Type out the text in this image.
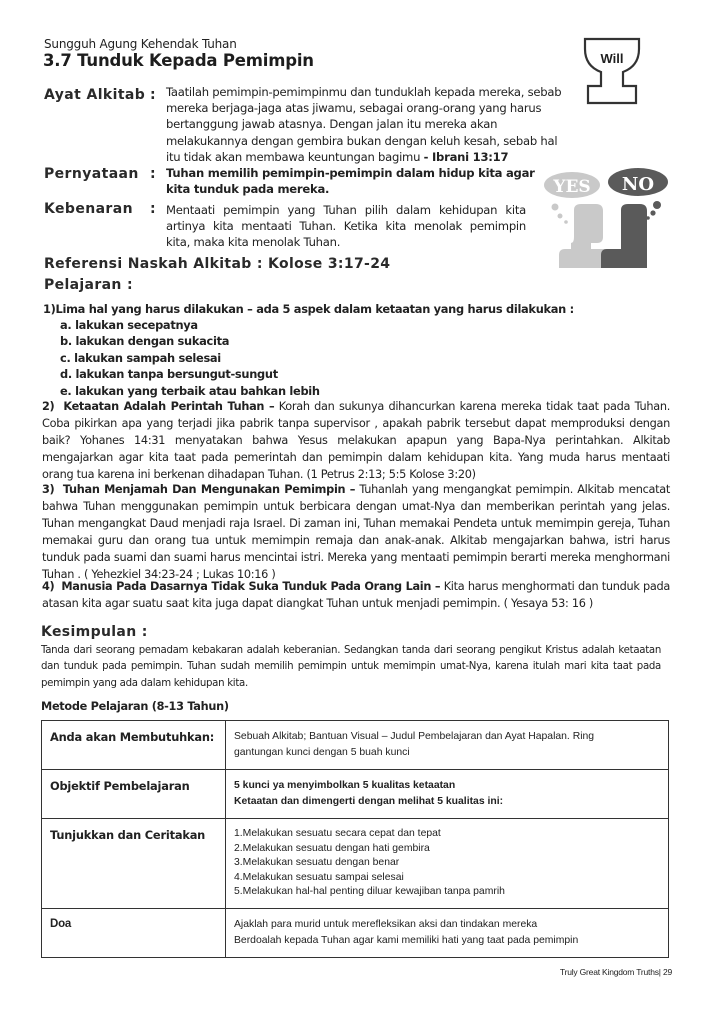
Sungguh Agung Kehendak Tuhan
3.7 Tunduk Kepada Pemimpin	Will
Ayat Alkitab : Taatilah pemimpin-pemimpinmu dan tunduklah kepada mereka, sebab
mereka berjaga-jaga atas jiwamu, sebagai orang-orang yang harus
bertanggung jawab atasnya. Dengan jalan itu mereka akan
melakukannya dengan gembira bukan dengan keluh kesah, sebab hal
itu tidak akan membawa keuntungan bagimu - Ibrani 13:17
Pernyataan : Tuhan memilih pemimpin-pemimpin dalam hidup kita agar
kita tunduk pada mereka.
Kebenaran : Mentaati pemimpin yang Tuhan pilih dalam kehidupan kita
artinya kita mentaati Tuhan. Ketika kita menolak pemimpin
kita, maka kita menolak Tuhan.
YES NO
Referensi Naskah Alkitab : Kolose 3:17-24
Pelajaran :
1)Lima hal yang harus dilakukan – ada 5 aspek dalam ketaatan yang harus dilakukan :
a. lakukan secepatnya
b. lakukan dengan sukacita
c. lakukan sampah selesai
d. lakukan tanpa bersungut-sungut
e. lakukan yang terbaik atau bahkan lebih
2) Ketaatan Adalah Perintah Tuhan – Korah dan sukunya dihancurkan karena mereka tidak taat pada Tuhan. Coba pikirkan apa yang terjadi jika pabrik tanpa supervisor , apakah pabrik tersebut dapat memproduksi dengan baik? Yohanes 14:31 menyatakan bahwa Yesus melakukan apapun yang Bapa-Nya perintahkan. Alkitab mengajarkan agar kita taat pada pemerintah dan pemimpin dalam kehidupan kita. Yang muda harus mentaati orang tua karena ini berkenan dihadapan Tuhan. (1 Petrus 2:13; 5:5 Kolose 3:20)
3) Tuhan Menjamah Dan Mengunakan Pemimpin – Tuhanlah yang mengangkat pemimpin. Alkitab mencatat bahwa Tuhan menggunakan pemimpin untuk berbicara dengan umat-Nya dan memberikan perintah yang jelas. Tuhan mengangkat Daud menjadi raja Israel. Di zaman ini, Tuhan memakai Pendeta untuk memimpin gereja, Tuhan memakai guru dan orang tua untuk memimpin remaja dan anak-anak. Alkitab mengajarkan bahwa, istri harus tunduk pada suami dan suami harus mencintai istri. Mereka yang mentaati pemimpin berarti mereka menghormani Tuhan . ( Yehezkiel 34:23-24 ; Lukas 10:16 )
4) Manusia Pada Dasarnya Tidak Suka Tunduk Pada Orang Lain – Kita harus menghormati dan tunduk pada atasan kita agar suatu saat kita juga dapat diangkat Tuhan untuk menjadi pemimpin. ( Yesaya 53: 16 )
Kesimpulan :
Tanda dari seorang pemadam kebakaran adalah keberanian. Sedangkan tanda dari seorang pengikut Kristus adalah ketaatan dan tunduk pada pemimpin. Tuhan sudah memilih pemimpin untuk memimpin umat-Nya, karena itulah mari kita taat pada pemimpin yang ada dalam kehidupan kita.
Metode Pelajaran (8-13 Tahun)
Anda akan Membutuhkan:	Sebuah Alkitab; Bantuan Visual – Judul Pembelajaran dan Ayat Hapalan. Ring
gantungan kunci dengan 5 buah kunci

Objektif Pembelajaran	5 kunci ya menyimbolkan 5 kualitas ketaatan
Ketaatan dan dimengerti dengan melihat 5 kualitas ini:

Tunjukkan dan Ceritakan	1.Melakukan sesuatu secara cepat dan tepat
2.Melakukan sesuatu dengan hati gembira
3.Melakukan sesuatu dengan benar
4.Melakukan sesuatu sampai selesai
5.Melakukan hal-hal penting diluar kewajiban tanpa pamrih

Doa	Ajaklah para murid untuk merefleksikan aksi dan tindakan mereka
Berdoalah kepada Tuhan agar kami memiliki hati yang taat pada pemimpin
Truly Great Kingdom Truths| 29
